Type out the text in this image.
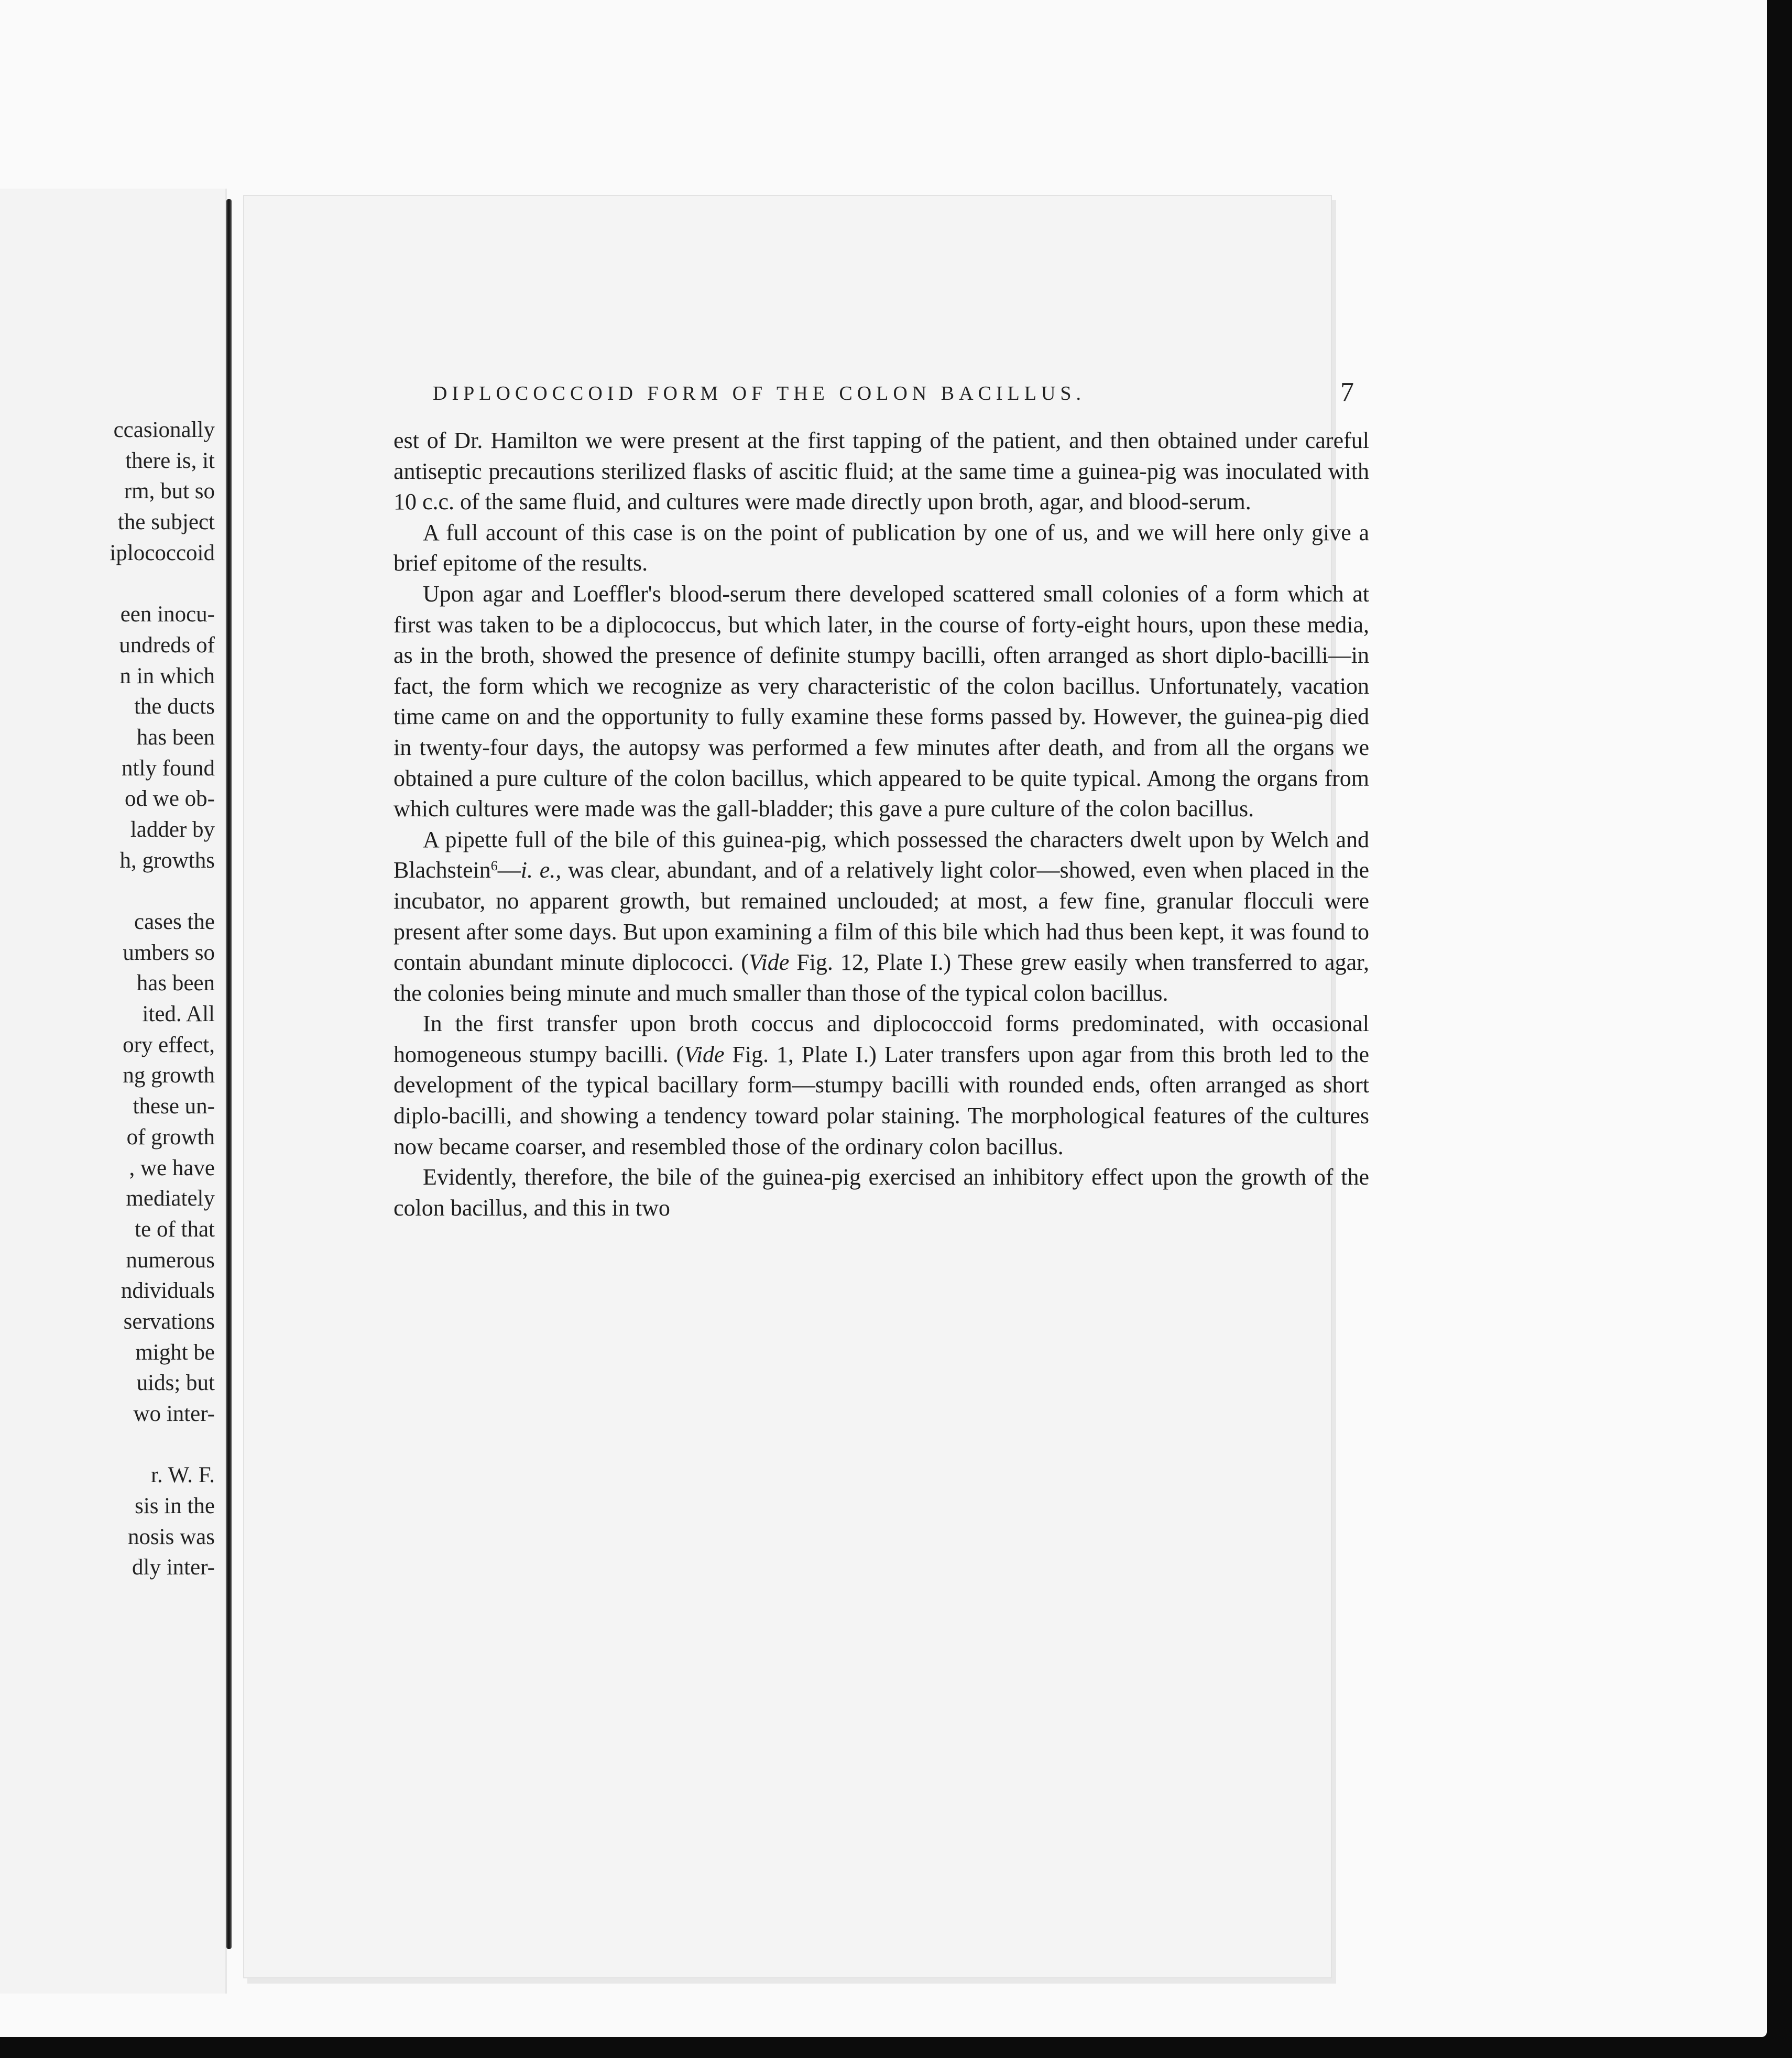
ccasionally
there is, it
rm, but so
the subject
iplococcoid
een inocu-
undreds of
n in which
the ducts
has been
ntly found
od we ob-
ladder by
h, growths
cases the
umbers so
has been
ited. All
ory effect,
ng growth
these un-
of growth
, we have
mediately
te of that
numerous
ndividuals
servations
might be
uids; but
wo inter-
r. W. F.
sis in the
nosis was
dly inter-
DIPLOCOCCOID FORM OF THE COLON BACILLUS.	7

est of Dr. Hamilton we were present at the first tapping of the patient, and then obtained under careful antiseptic precautions sterilized flasks of ascitic fluid; at the same time a guinea-pig was inoculated with 10 c.c. of the same fluid, and cultures were made directly upon broth, agar, and blood-serum.

A full account of this case is on the point of publication by one of us, and we will here only give a brief epitome of the results.

Upon agar and Loeffler's blood-serum there developed scattered small colonies of a form which at first was taken to be a diplococcus, but which later, in the course of forty-eight hours, upon these media, as in the broth, showed the presence of definite stumpy bacilli, often arranged as short diplo-bacilli—in fact, the form which we recognize as very characteristic of the colon bacillus. Unfortunately, vacation time came on and the opportunity to fully examine these forms passed by. However, the guinea-pig died in twenty-four days, the autopsy was performed a few minutes after death, and from all the organs we obtained a pure culture of the colon bacillus, which appeared to be quite typical. Among the organs from which cultures were made was the gall-bladder; this gave a pure culture of the colon bacillus.

A pipette full of the bile of this guinea-pig, which possessed the characters dwelt upon by Welch and Blachstein$^6$—i. e., was clear, abundant, and of a relatively light color—showed, even when placed in the incubator, no apparent growth, but remained unclouded; at most, a few fine, granular flocculi were present after some days. But upon examining a film of this bile which had thus been kept, it was found to contain abundant minute diplococci. (Vide Fig. 12, Plate I.) These grew easily when transferred to agar, the colonies being minute and much smaller than those of the typical colon bacillus.

In the first transfer upon broth coccus and diplococcoid forms predominated, with occasional homogeneous stumpy bacilli. (Vide Fig. 1, Plate I.) Later transfers upon agar from this broth led to the development of the typical bacillary form—stumpy bacilli with rounded ends, often arranged as short diplo-bacilli, and showing a tendency toward polar staining. The morphological features of the cultures now became coarser, and resembled those of the ordinary colon bacillus.

Evidently, therefore, the bile of the guinea-pig exercised an inhibitory effect upon the growth of the colon bacillus, and this in two
